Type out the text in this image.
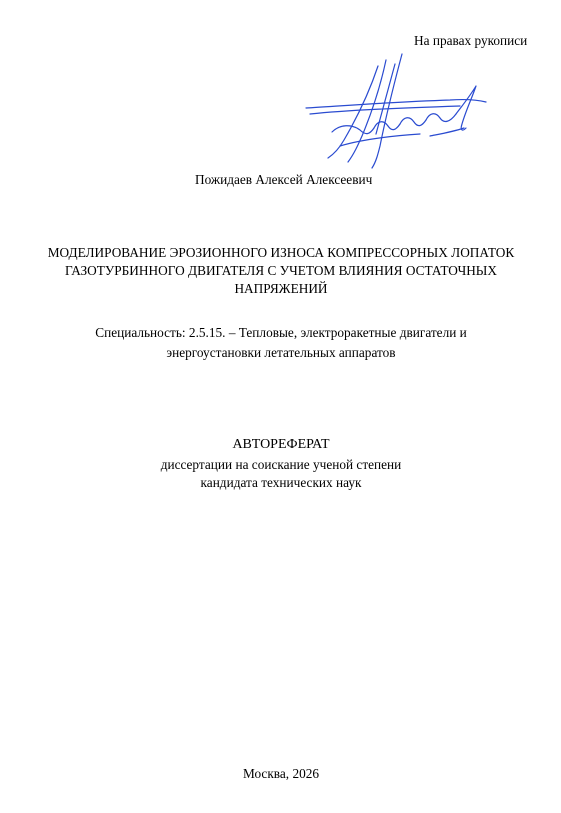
На правах рукописи
Пожидаев Алексей Алексеевич
МОДЕЛИРОВАНИЕ ЭРОЗИОННОГО ИЗНОСА КОМПРЕССОРНЫХ ЛОПАТОК ГАЗОТУРБИННОГО ДВИГАТЕЛЯ С УЧЕТОМ ВЛИЯНИЯ ОСТАТОЧНЫХ НАПРЯЖЕНИЙ
Специальность: 2.5.15. – Тепловые, электроракетные двигатели и
энергоустановки летательных аппаратов
АВТОРЕФЕРАТ
диссертации на соискание ученой степени
кандидата технических наук
Москва, 2026
